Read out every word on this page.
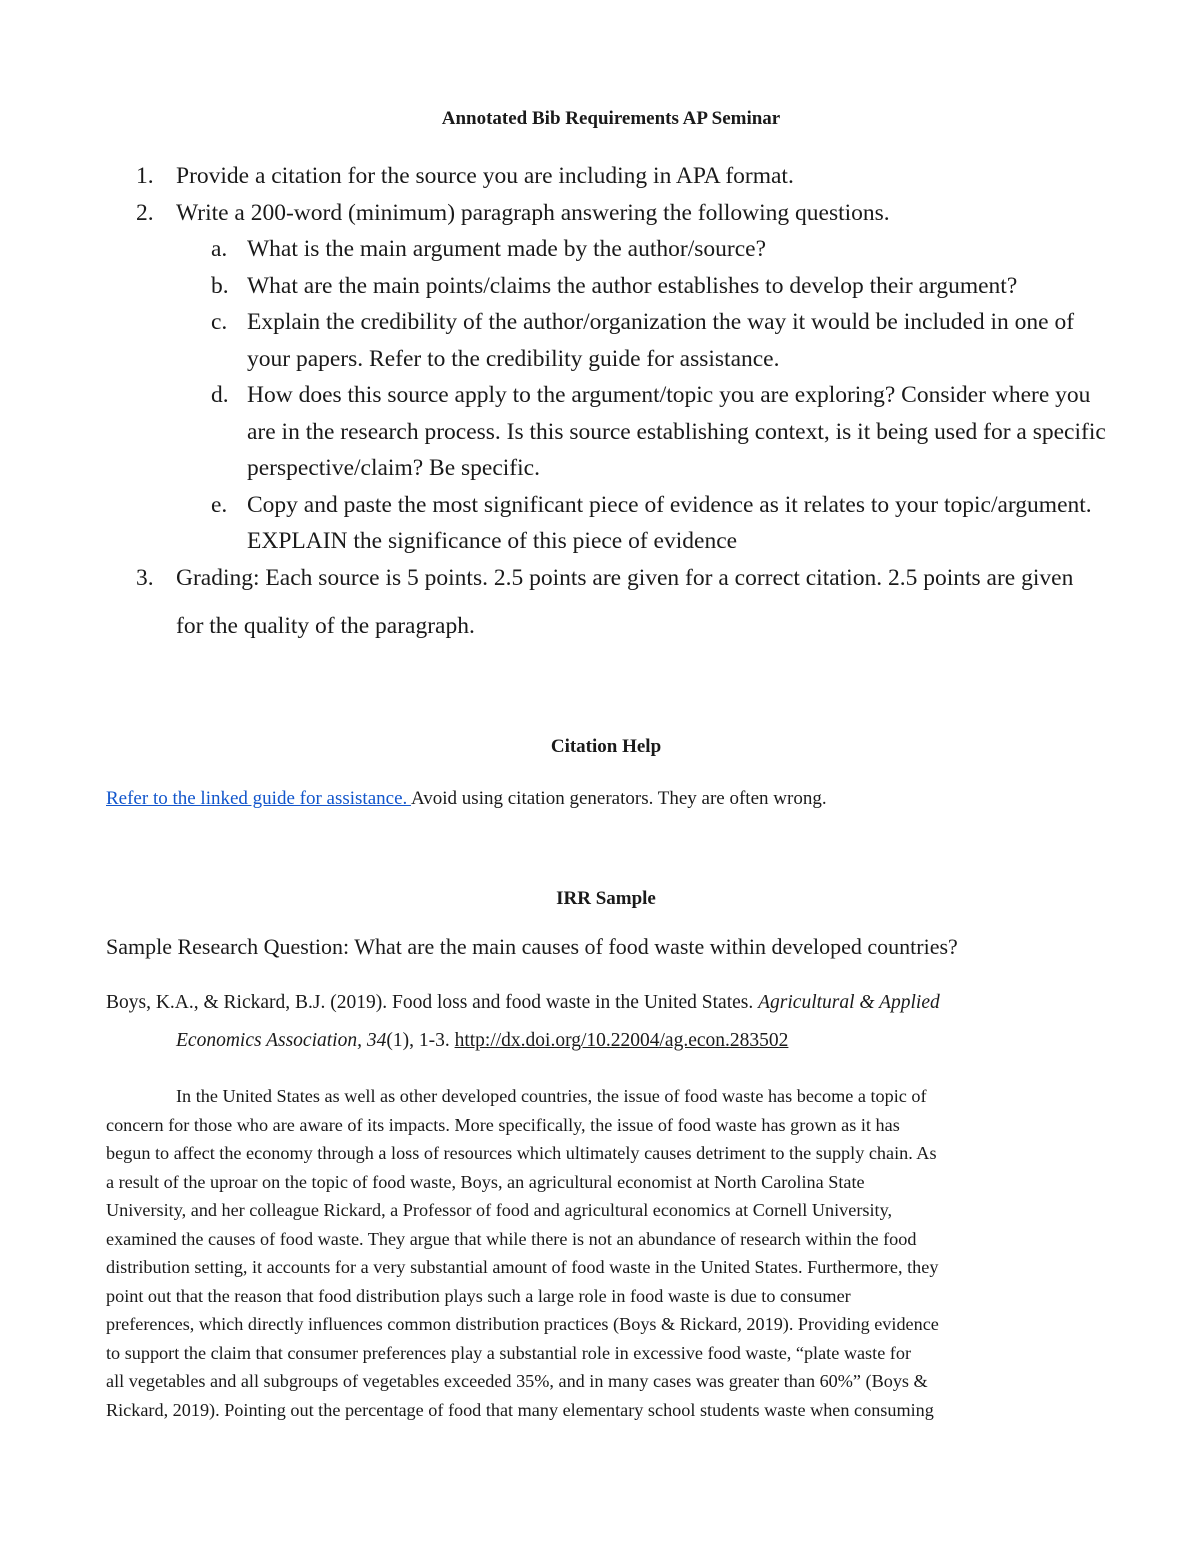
Annotated Bib Requirements AP Seminar
1. Provide a citation for the source you are including in APA format.
2. Write a 200-word (minimum) paragraph answering the following questions.
a. What is the main argument made by the author/source?
b. What are the main points/claims the author establishes to develop their argument?
c. Explain the credibility of the author/organization the way it would be included in one of your papers. Refer to the credibility guide for assistance.
d. How does this source apply to the argument/topic you are exploring? Consider where you are in the research process. Is this source establishing context, is it being used for a specific perspective/claim? Be specific.
e. Copy and paste the most significant piece of evidence as it relates to your topic/argument. EXPLAIN the significance of this piece of evidence
3. Grading: Each source is 5 points. 2.5 points are given for a correct citation. 2.5 points are given for the quality of the paragraph.
Citation Help
Refer to the linked guide for assistance. Avoid using citation generators. They are often wrong.
IRR Sample
Sample Research Question: What are the main causes of food waste within developed countries?
Boys, K.A., & Rickard, B.J. (2019). Food loss and food waste in the United States. Agricultural & Applied
Economics Association, 34(1), 1-3. http://dx.doi.org/10.22004/ag.econ.283502
In the United States as well as other developed countries, the issue of food waste has become a topic of
concern for those who are aware of its impacts. More specifically, the issue of food waste has grown as it has
begun to affect the economy through a loss of resources which ultimately causes detriment to the supply chain. As
a result of the uproar on the topic of food waste, Boys, an agricultural economist at North Carolina State
University, and her colleague Rickard, a Professor of food and agricultural economics at Cornell University,
examined the causes of food waste. They argue that while there is not an abundance of research within the food
distribution setting, it accounts for a very substantial amount of food waste in the United States. Furthermore, they
point out that the reason that food distribution plays such a large role in food waste is due to consumer
preferences, which directly influences common distribution practices (Boys & Rickard, 2019). Providing evidence
to support the claim that consumer preferences play a substantial role in excessive food waste, “plate waste for
all vegetables and all subgroups of vegetables exceeded 35%, and in many cases was greater than 60%” (Boys &
Rickard, 2019). Pointing out the percentage of food that many elementary school students waste when consuming
